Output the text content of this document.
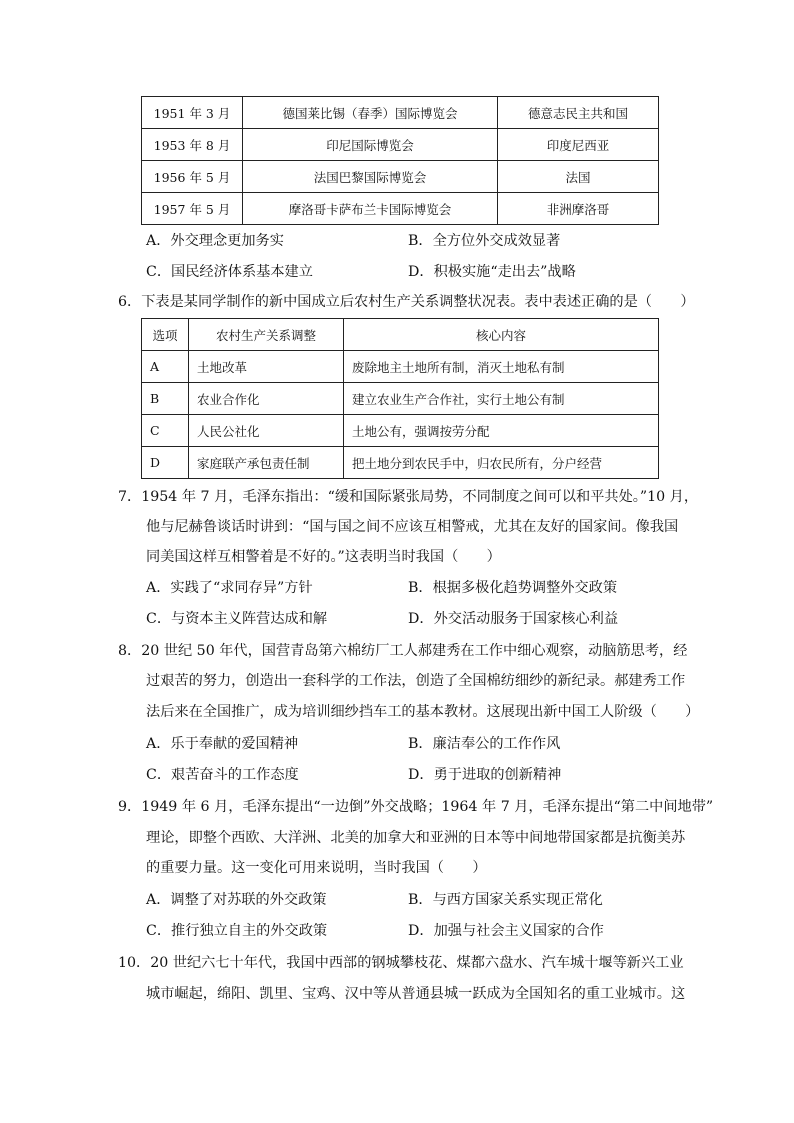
1951 年 3 月	德国莱比锡（春季）国际博览会	德意志民主共和国
1953 年 8 月	印尼国际博览会	印度尼西亚
1956 年 5 月	法国巴黎国际博览会	法国
1957 年 5 月	摩洛哥卡萨布兰卡国际博览会	非洲摩洛哥
A．外交理念更加务实	B．全方位外交成效显著
C．国民经济体系基本建立	D．积极实施“走出去”战略
6．下表是某同学制作的新中国成立后农村生产关系调整状况表。表中表述正确的是（　　）
选项	农村生产关系调整	核心内容
A	土地改革	废除地主土地所有制，消灭土地私有制
B	农业合作化	建立农业生产合作社，实行土地公有制
C	人民公社化	土地公有，强调按劳分配
D	家庭联产承包责任制	把土地分到农民手中，归农民所有，分户经营
7．1954 年 7 月，毛泽东指出：“缓和国际紧张局势，不同制度之间可以和平共处。”10 月，
他与尼赫鲁谈话时讲到：“国与国之间不应该互相警戒，尤其在友好的国家间。像我国
同美国这样互相警着是不好的。”这表明当时我国（　　）
A．实践了“求同存异”方针	B．根据多极化趋势调整外交政策
C．与资本主义阵营达成和解	D．外交活动服务于国家核心利益
8．20 世纪 50 年代，国营青岛第六棉纺厂工人郝建秀在工作中细心观察，动脑筋思考，经
过艰苦的努力，创造出一套科学的工作法，创造了全国棉纺细纱的新纪录。郝建秀工作
法后来在全国推广，成为培训细纱挡车工的基本教材。这展现出新中国工人阶级（　　）
A．乐于奉献的爱国精神	B．廉洁奉公的工作作风
C．艰苦奋斗的工作态度	D．勇于进取的创新精神
9．1949 年 6 月，毛泽东提出“一边倒”外交战略；1964 年 7 月，毛泽东提出“第二中间地带”
理论，即整个西欧、大洋洲、北美的加拿大和亚洲的日本等中间地带国家都是抗衡美苏
的重要力量。这一变化可用来说明，当时我国（　　）
A．调整了对苏联的外交政策	B．与西方国家关系实现正常化
C．推行独立自主的外交政策	D．加强与社会主义国家的合作
10．20 世纪六七十年代，我国中西部的钢城攀枝花、煤都六盘水、汽车城十堰等新兴工业
城市崛起，绵阳、凯里、宝鸡、汉中等从普通县城一跃成为全国知名的重工业城市。这
